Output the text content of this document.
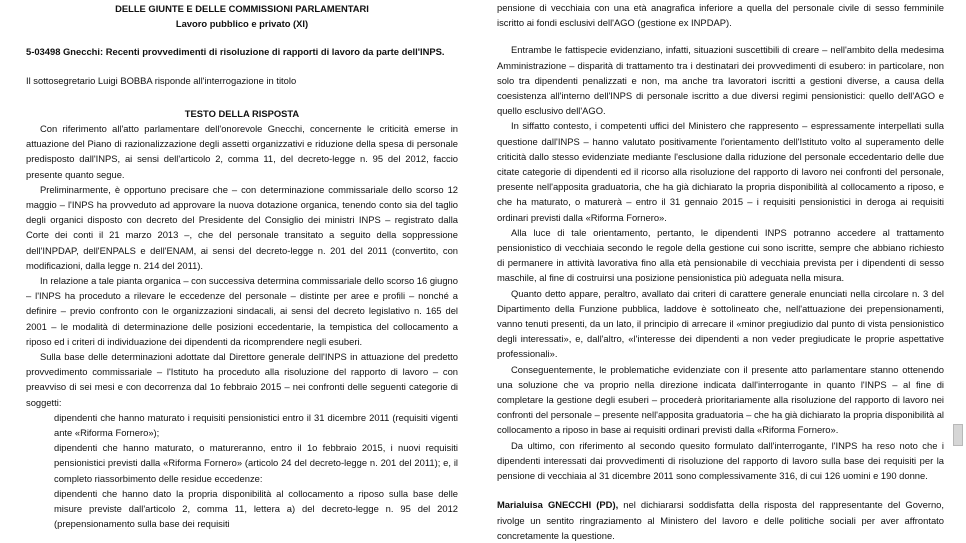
DELLE GIUNTE E DELLE COMMISSIONI PARLAMENTARI

Lavoro pubblico e privato (XI)

5-03498 Gnecchi: Recenti provvedimenti di risoluzione di rapporti di lavoro da parte dell'INPS.

Il sottosegretario Luigi BOBBA risponde all'interrogazione in titolo

TESTO DELLA RISPOSTA

Con riferimento all'atto parlamentare dell'onorevole Gnecchi, concernente le criticità emerse in attuazione del Piano di razionalizzazione degli assetti organizzativi e riduzione della spesa di personale predisposto dall'INPS, ai sensi dell'articolo 2, comma 11, del decreto-legge n. 95 del 2012, faccio presente quanto segue.

Preliminarmente, è opportuno precisare che – con determinazione commissariale dello scorso 12 maggio – l'INPS ha provveduto ad approvare la nuova dotazione organica, tenendo conto sia del taglio degli organici disposto con decreto del Presidente del Consiglio dei ministri INPS – registrato dalla Corte dei conti il 21 marzo 2013 –, che del personale transitato a seguito della soppressione dell'INPDAP, dell'ENPALS e dell'ENAM, ai sensi del decreto-legge n. 201 del 2011 (convertito, con modificazioni, dalla legge n. 214 del 2011).

In relazione a tale pianta organica – con successiva determina commissariale dello scorso 16 giugno – l'INPS ha proceduto a rilevare le eccedenze del personale – distinte per aree e profili – nonché a definire – previo confronto con le organizzazioni sindacali, ai sensi del decreto legislativo n. 165 del 2001 – le modalità di determinazione delle posizioni eccedentarie, la tempistica del collocamento a riposo ed i criteri di individuazione dei dipendenti da ricomprendere negli esuberi.

Sulla base delle determinazioni adottate dal Direttore generale dell'INPS in attuazione del predetto provvedimento commissariale – l'Istituto ha proceduto alla risoluzione del rapporto di lavoro – con preavviso di sei mesi e con decorrenza dal 1o febbraio 2015 – nei confronti delle seguenti categorie di soggetti:

dipendenti che hanno maturato i requisiti pensionistici entro il 31 dicembre 2011 (requisiti vigenti ante «Riforma Fornero»);

dipendenti che hanno maturato, o matureranno, entro il 1o febbraio 2015, i nuovi requisiti pensionistici previsti dalla «Riforma Fornero» (articolo 24 del decreto-legge n. 201 del 2011); e, il completo riassorbimento delle residue eccedenze:

dipendenti che hanno dato la propria disponibilità al collocamento a riposo sulla base delle misure previste dall'articolo 2, comma 11, lettera a) del decreto-legge n. 95 del 2012 (prepensionamento sulla base dei requisiti

pensione di vecchiaia con una età anagrafica inferiore a quella del personale civile di sesso femminile iscritto ai fondi esclusivi dell'AGO (gestione ex INPDAP).

Entrambe le fattispecie evidenziano, infatti, situazioni suscettibili di creare – nell'ambito della medesima Amministrazione – disparità di trattamento tra i destinatari dei provvedimenti di esubero: in particolare, non solo tra dipendenti penalizzati e non, ma anche tra lavoratori iscritti a gestioni diverse, a causa della coesistenza all'interno dell'INPS di personale iscritto a due diversi regimi pensionistici: quello dell'AGO e quello esclusivo dell'AGO.

In siffatto contesto, i competenti uffici del Ministero che rappresento – espressamente interpellati sulla questione dall'INPS – hanno valutato positivamente l'orientamento dell'Istituto volto al superamento delle criticità dallo stesso evidenziate mediante l'esclusione dalla riduzione del personale eccedentario delle due citate categorie di dipendenti ed il ricorso alla risoluzione del rapporto di lavoro nei confronti del personale, presente nell'apposita graduatoria, che ha già dichiarato la propria disponibilità al collocamento a riposo, e che ha maturato, o maturerà – entro il 31 gennaio 2015 – i requisiti pensionistici in deroga ai requisiti ordinari previsti dalla «Riforma Fornero».

Alla luce di tale orientamento, pertanto, le dipendenti INPS potranno accedere al trattamento pensionistico di vecchiaia secondo le regole della gestione cui sono iscritte, sempre che abbiano richiesto di permanere in attività lavorativa fino alla età pensionabile di vecchiaia prevista per i dipendenti di sesso maschile, al fine di costruirsi una posizione pensionistica più adeguata nella misura.

Quanto detto appare, peraltro, avallato dai criteri di carattere generale enunciati nella circolare n. 3 del Dipartimento della Funzione pubblica, laddove è sottolineato che, nell'attuazione dei prepensionamenti, vanno tenuti presenti, da un lato, il principio di arrecare il «minor pregiudizio dal punto di vista pensionistico degli interessati», e, dall'altro, «l'interesse dei dipendenti a non veder pregiudicate le proprie aspettative professionali».

Conseguentemente, le problematiche evidenziate con il presente atto parlamentare stanno ottenendo una soluzione che va proprio nella direzione indicata dall'interrogante in quanto l'INPS – al fine di completare la gestione degli esuberi – procederà prioritariamente alla risoluzione del rapporto di lavoro nei confronti del personale – presente nell'apposita graduatoria – che ha già dichiarato la propria disponibilità al collocamento a riposo in base ai requisiti ordinari previsti dalla «Riforma Fornero».

Da ultimo, con riferimento al secondo quesito formulato dall'interrogante, l'INPS ha reso noto che i dipendenti interessati dai provvedimenti di risoluzione del rapporto di lavoro sulla base dei requisiti per la pensione di vecchiaia al 31 dicembre 2011 sono complessivamente 316, di cui 126 uomini e 190 donne.

Marialuisa GNECCHI (PD), nel dichiararsi soddisfatta della risposta del rappresentante del Governo, rivolge un sentito ringraziamento al Ministero del lavoro e delle politiche sociali per aver affrontato concretamente la questione.
